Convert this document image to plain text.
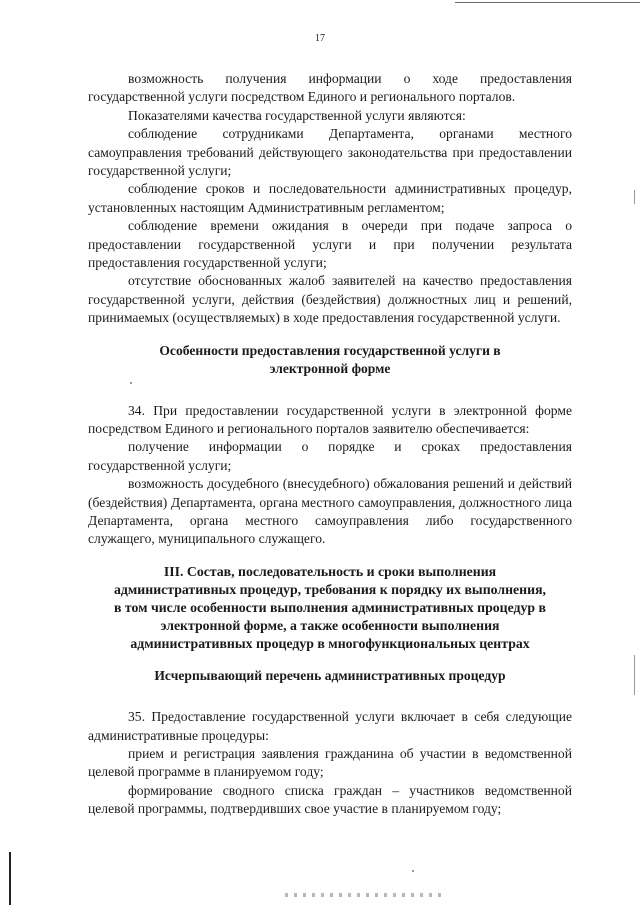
17

возможность получения информации о ходе предоставления государственной услуги посредством Единого и регионального порталов.

Показателями качества государственной услуги являются:

соблюдение сотрудниками Департамента, органами местного самоуправления требований действующего законодательства при предоставлении государственной услуги;

соблюдение сроков и последовательности административных процедур, установленных настоящим Административным регламентом;

соблюдение времени ожидания в очереди при подаче запроса о предоставлении государственной услуги и при получении результата предоставления государственной услуги;

отсутствие обоснованных жалоб заявителей на качество предоставления государственной услуги, действия (бездействия) должностных лиц и решений, принимаемых (осуществляемых) в ходе предоставления государственной услуги.

Особенности предоставления государственной услуги в

электронной форме

34. При предоставлении государственной услуги в электронной форме посредством Единого и регионального порталов заявителю обеспечивается:

получение информации о порядке и сроках предоставления государственной услуги;

возможность досудебного (внесудебного) обжалования решений и действий (бездействия) Департамента, органа местного самоуправления, должностного лица Департамента, органа местного самоуправления либо государственного служащего, муниципального служащего.

III. Состав, последовательность и сроки выполнения

административных процедур, требования к порядку их выполнения,

в том числе особенности выполнения административных процедур в

электронной форме, а также особенности выполнения

административных процедур в многофункциональных центрах

Исчерпывающий перечень административных процедур

35. Предоставление государственной услуги включает в себя следующие административные процедуры:

прием и регистрация заявления гражданина об участии в ведомственной целевой программе в планируемом году;

формирование сводного списка граждан – участников ведомственной целевой программы, подтвердивших свое участие в планируемом году;
